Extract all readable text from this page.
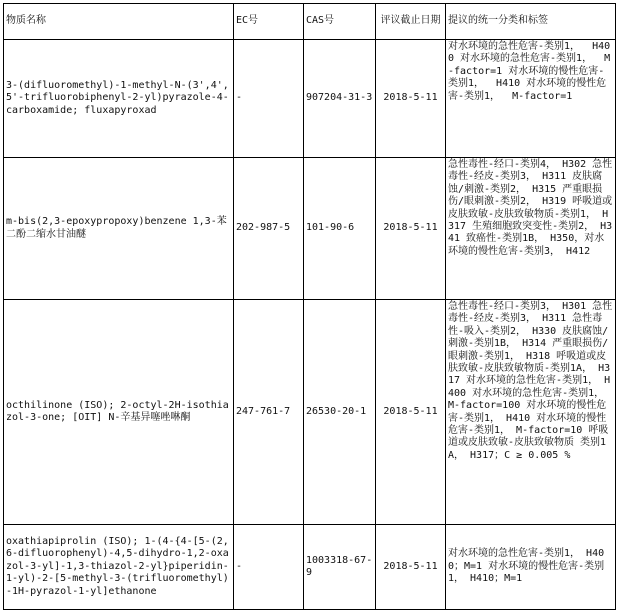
物质名称	EC号	CAS号	评议截止日期	提议的统一分类和标签
3-(difluoromethyl)-1-methyl-N-(3',4',5'-trifluorobiphenyl-2-yl)pyrazole-4-carboxamide; fluxapyroxad	-	907204-31-3	2018-5-11	对水环境的急性危害-类别1，  H400 对水环境的急性危害-类别1，  M-factor=1 对水环境的慢性危害-类别1，  H410 对水环境的慢性危害-类别1，  M-factor=1
m-bis(2,3-epoxypropoxy)benzene 1,3-苯二酚二缩水甘油醚	202-987-5	101-90-6	2018-5-11	急性毒性-经口-类别4， H302 急性毒性-经皮-类别3， H311 皮肤腐蚀/刺激-类别2， H315 严重眼损伤/眼刺激-类别2， H319 呼吸道或皮肤致敏-皮肤致敏物质-类别1， H317 生殖细胞致突变性-类别2， H341 致癌性-类别1B， H350，对水环境的慢性危害-类别3， H412
octhilinone (ISO); 2-octyl-2H-isothiazol-3-one; [OIT] N-辛基异噻唑啉酮	247-761-7	26530-20-1	2018-5-11	急性毒性-经口-类别3， H301 急性毒性-经皮-类别3， H311 急性毒性-吸入-类别2， H330 皮肤腐蚀/刺激-类别1B， H314 严重眼损伤/眼刺激-类别1， H318 呼吸道或皮肤致敏-皮肤致敏物质-类别1A， H317 对水环境的急性危害-类别1， H400 对水环境的急性危害-类别1， M-factor=100 对水环境的慢性危害-类别1， H410 对水环境的慢性危害-类别1， M-factor=10 呼吸道或皮肤致敏-皮肤致敏物质 类别1A， H317；C ≥ 0.005 %
oxathiapiprolin (ISO); 1-(4-{4-[5-(2,6-difluorophenyl)-4,5-dihydro-1,2-oxazol-3-yl]-1,3-thiazol-2-yl}piperidin-1-yl)-2-[5-methyl-3-(trifluoromethyl)-1H-pyrazol-1-yl]ethanone	-	1003318-67-9	2018-5-11	对水环境的急性危害-类别1， H400；M=1 对水环境的慢性危害-类别1， H410；M=1
